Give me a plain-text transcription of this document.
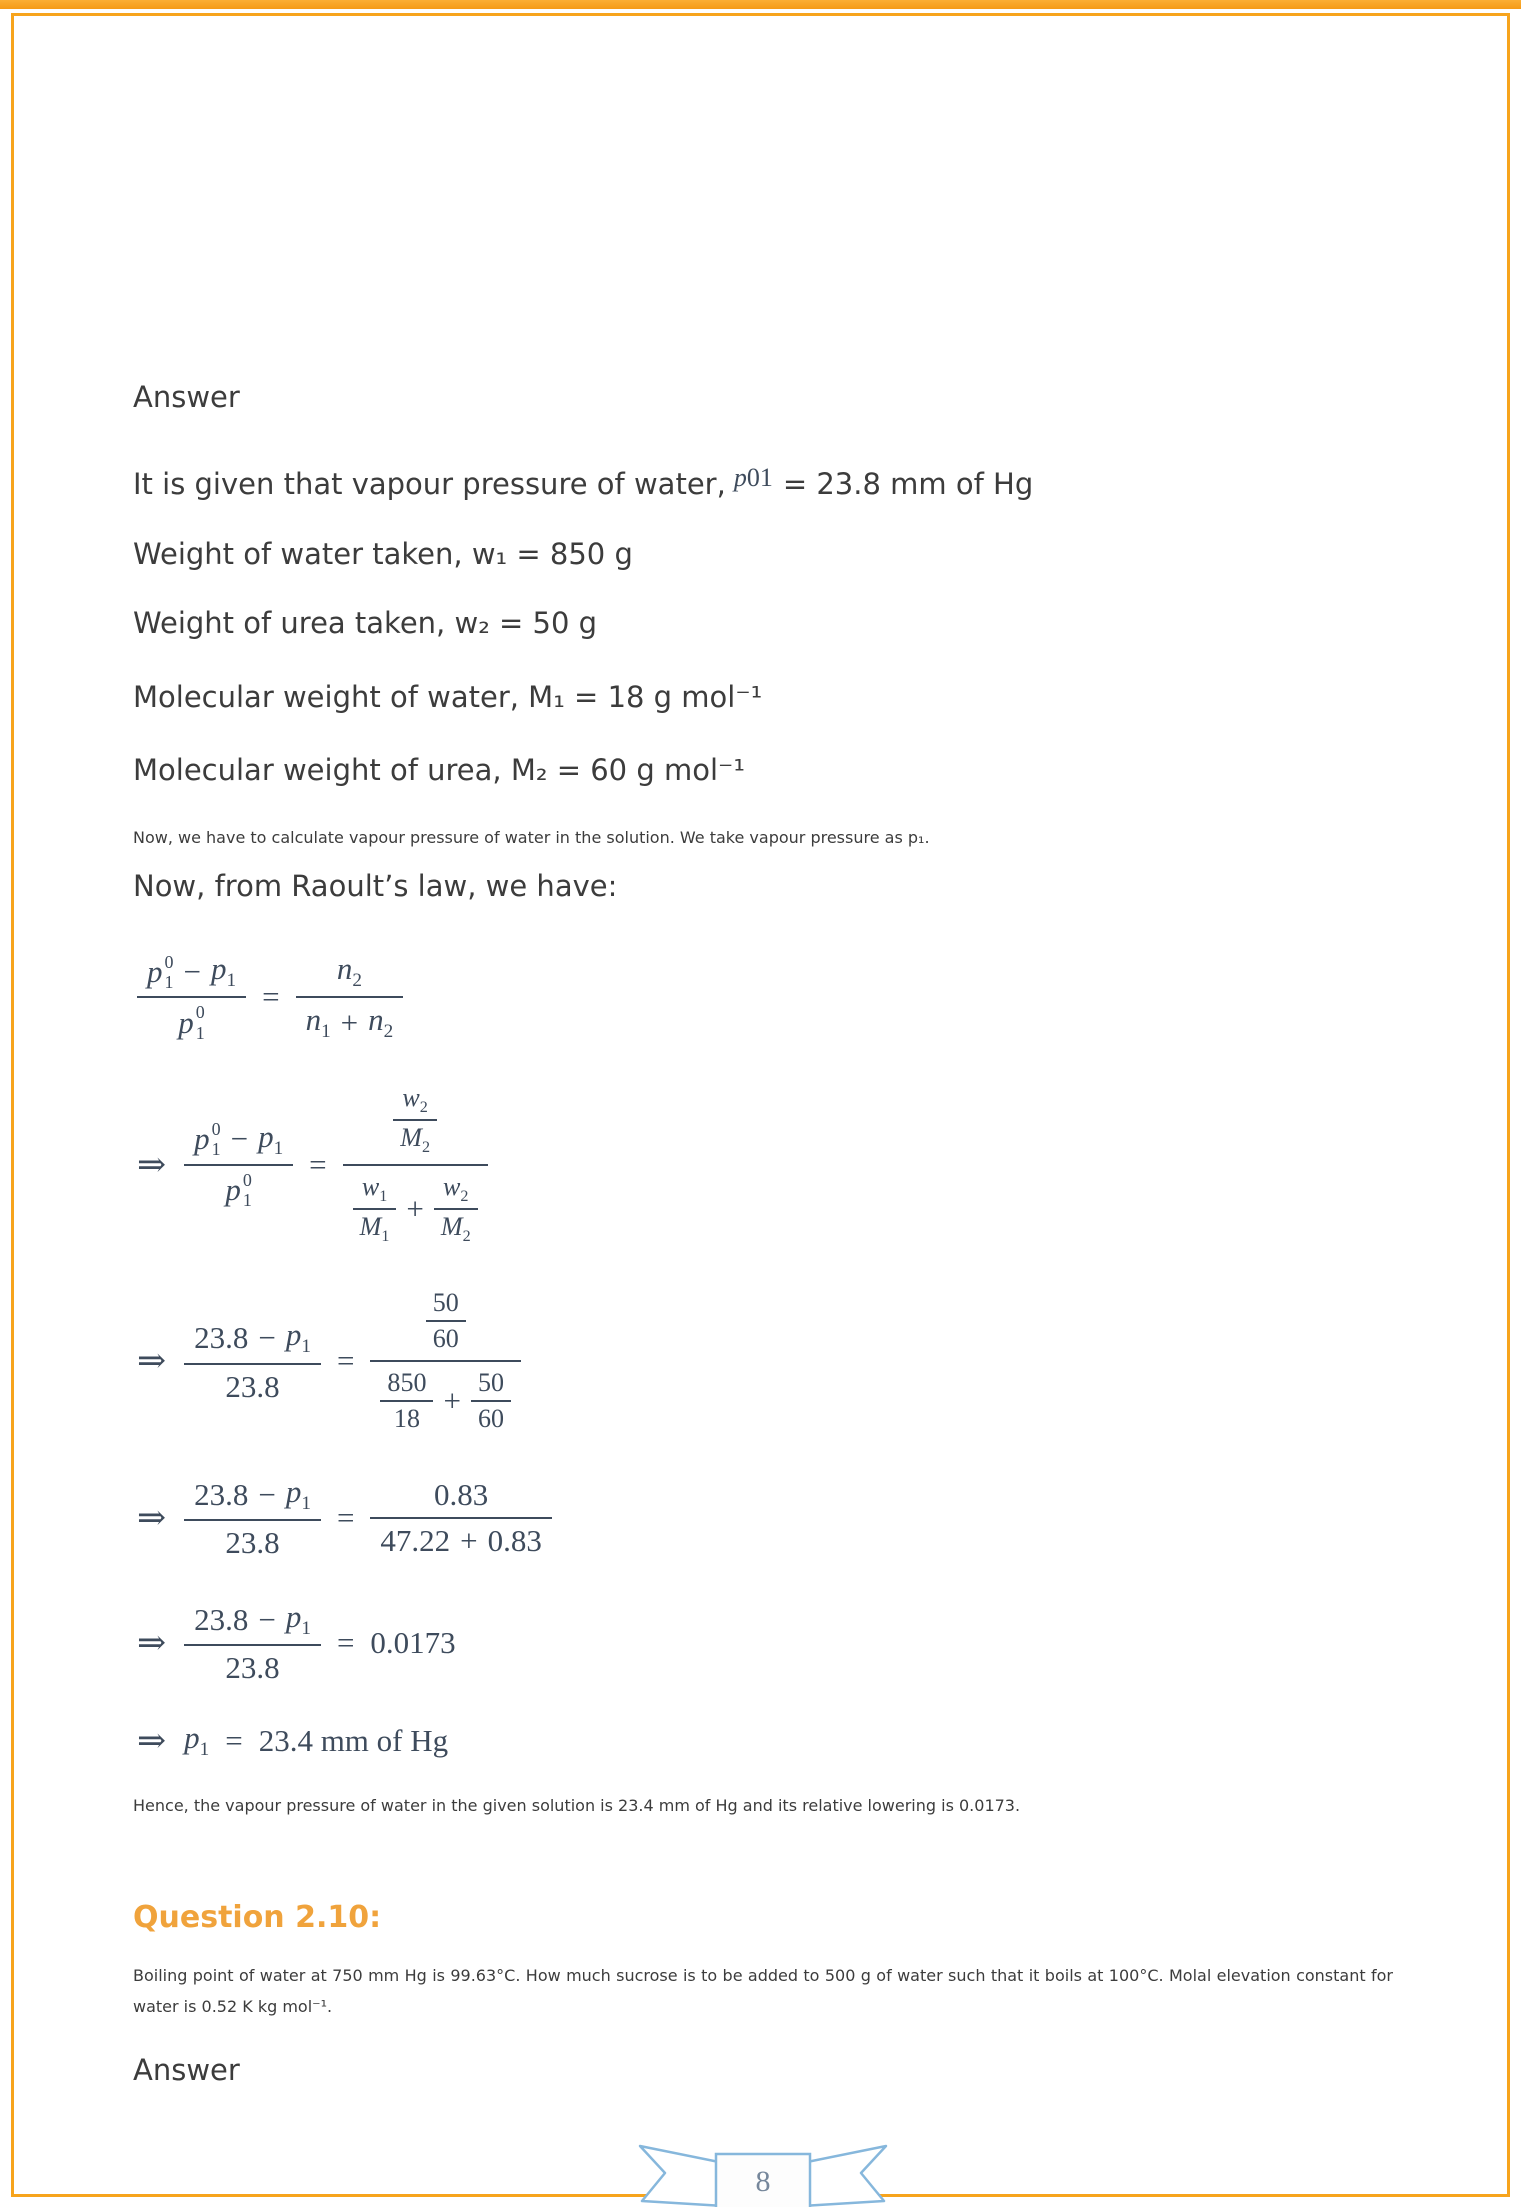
Answer
It is given that vapour pressure of water, p 01 = 23.8 mm of Hg
Weight of water taken, w₁ = 850 g
Weight of urea taken, w₂ = 50 g
Molecular weight of water, M₁ = 18 g mol⁻¹
Molecular weight of urea, M₂ = 60 g mol⁻¹
Now, we have to calculate vapour pressure of water in the solution. We take vapour pressure as p₁.
Now, from Raoult’s law, we have:
p 0
$1 - p_1$
p 0
$1 = \frac{n_2}{n_1 + n_2}$
⇒ p 0
$1 - p_1$
p 0
1 =
$\frac{w_2}{M_2}$
$\frac{w_1}{M_1} + \frac{w_2}{M_2}$
⇒ $\frac{23.8 - p_1}{23.8}$ =
$\frac{50}{60}$
$\frac{850}{18} + \frac{50}{60}$
⇒ $\frac{23.8 - p_1}{23.8} = \frac{0.83}{47.22 + 0.83}$
⇒ $\frac{23.8 - p_1}{23.8} = 0.0173$
⇒ $p_1 = 23.4$ mm of Hg
Hence, the vapour pressure of water in the given solution is 23.4 mm of Hg and its relative lowering is 0.0173.
Question 2.10:
Boiling point of water at 750 mm Hg is 99.63°C. How much sucrose is to be added to 500 g of water such that it boils at 100°C. Molal elevation constant for water is 0.52 K kg mol⁻¹.
Answer
8
